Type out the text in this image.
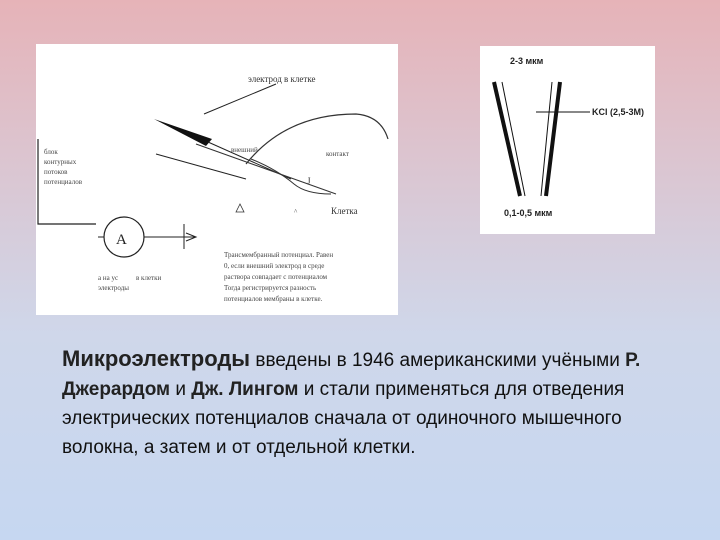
блок
контурных
потоков
потенциалов
электрод в клетке
внешний	контакт
J
^	Клетка
А
а на ус	в клетки
электроды
Трансмембранный потенциал. Равен
0, если внешний электрод в среде
раствора совпадает с потенциалом
Тогда регистрируется разность
потенциалов мембраны в клетке.
2-3 мкм
KCl (2,5-3M)
0,1-0,5 мкм
Микроэлектроды введены в 1946 американскими учёными Р. Джерардом и Дж. Лингом и стали применяться для отведения электрических потенциалов сначала от одиночного мышечного волокна, а затем и от отдельной клетки.
